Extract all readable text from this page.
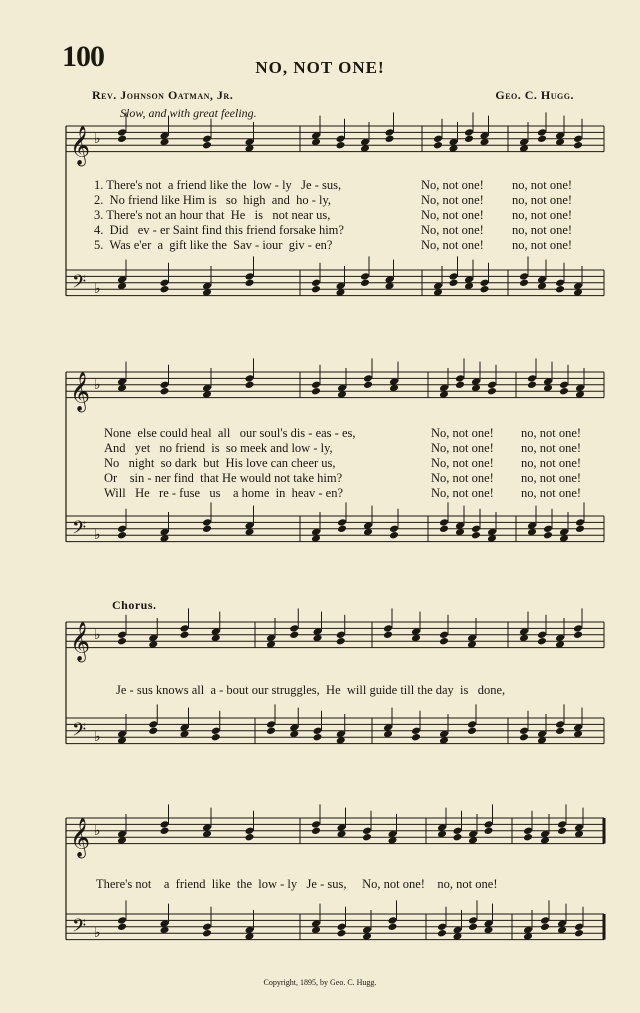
100	NO, NOT ONE!
Rev. Johnson Oatman, Jr.	Geo. C. Hugg.
Slow, and with great feeling.
𝄞
𝄢
♭
♭
𝄞
𝄢
♭
♭
𝄞
𝄢
♭
♭
𝄞
𝄢
♭
♭
1. There's not  a friend like the  low - ly   Je - sus,
2.  No friend like Him is   so  high  and  ho - ly,
3. There's not an hour that  He   is   not near us,
4.  Did   ev - er Saint find this friend forsake him?
5.  Was e'er  a  gift like the  Sav - iour  giv - en?
No, not one!
No, not one!
No, not one!
No, not one!
No, not one!
no, not one!
no, not one!
no, not one!
no, not one!
no, not one!
None  else could heal  all   our soul's dis - eas - es,
And   yet   no friend  is  so meek and low - ly,
No   night  so dark  but  His love can cheer us,
Or    sin - ner find  that He would not take him?
Will   He   re - fuse   us    a home  in  heav - en?
No, not one!
No, not one!
No, not one!
No, not one!
No, not one!
no, not one!
no, not one!
no, not one!
no, not one!
no, not one!
Chorus.
Je - sus knows all  a - bout our struggles,  He  will guide till the day  is   done,
There's not    a  friend  like  the  low - ly   Je - sus,     No, not one!    no, not one!
Copyright, 1895, by Geo. C. Hugg.
